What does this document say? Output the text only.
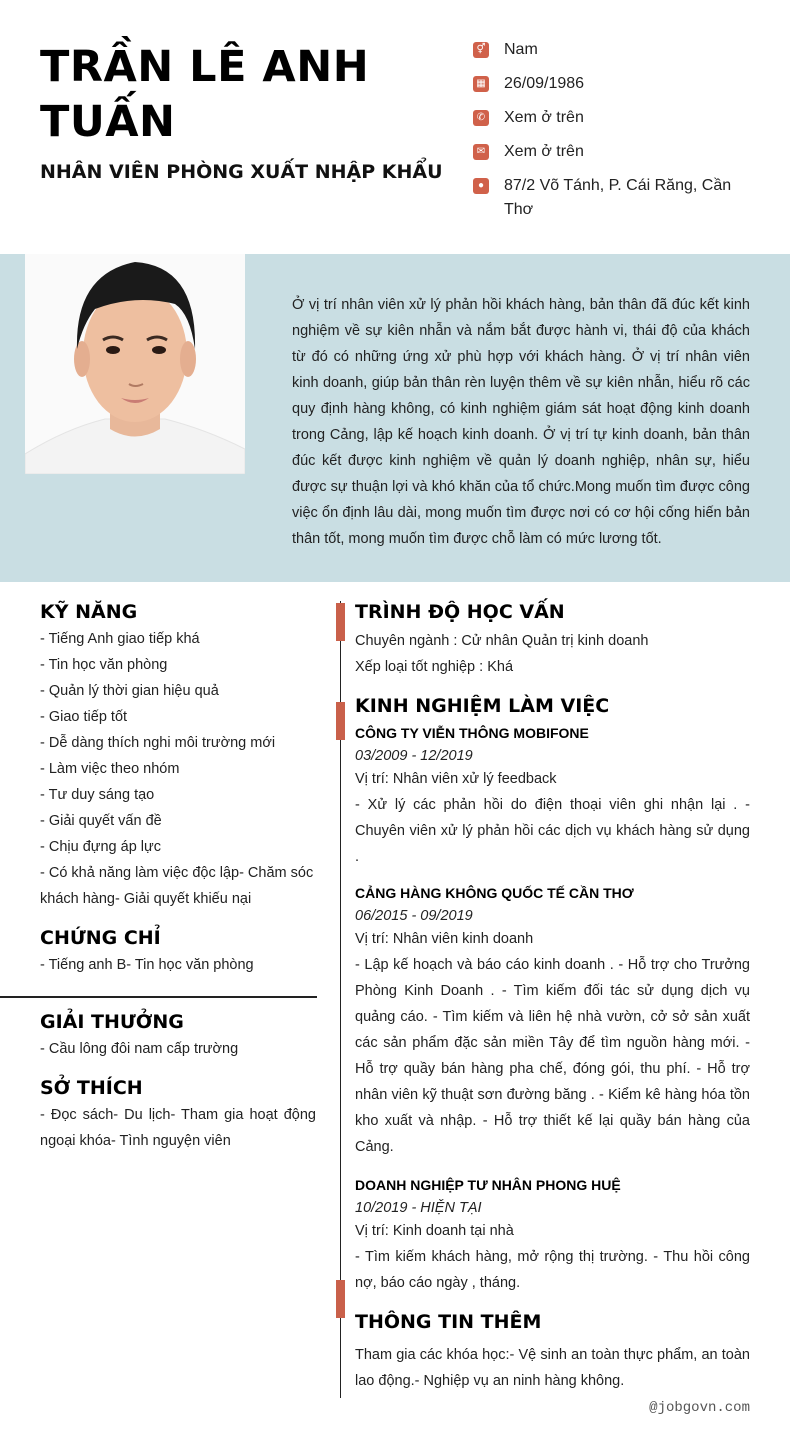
TRẦN LÊ ANH TUẤN
NHÂN VIÊN PHÒNG XUẤT NHẬP KHẨU
⚥ Nam
▦ 26/09/1986
✆ Xem ở trên
✉ Xem ở trên
●	87/2 Võ Tánh, P. Cái Răng, Cần Thơ
Ở vị trí nhân viên xử lý phản hồi khách hàng, bản thân đã đúc kết kinh nghiệm về sự kiên nhẫn và nắm bắt được hành vi, thái độ của khách từ đó có những ứng xử phù hợp với khách hàng. Ở vị trí nhân viên kinh doanh, giúp bản thân rèn luyện thêm về sự kiên nhẫn, hiểu rõ các quy định hàng không, có kinh nghiệm giám sát hoạt động kinh doanh trong Cảng, lập kế hoạch kinh doanh. Ở vị trí tự kinh doanh, bản thân đúc kết được kinh nghiệm về quản lý doanh nghiệp, nhân sự, hiểu được sự thuận lợi và khó khăn của tổ chức.Mong muốn tìm được công việc ổn định lâu dài, mong muốn tìm được nơi có cơ hội cống hiến bản thân tốt, mong muốn tìm được chỗ làm có mức lương tốt.
KỸ NĂNG
- Tiếng Anh giao tiếp khá
- Tin học văn phòng
- Quản lý thời gian hiệu quả
- Giao tiếp tốt
- Dễ dàng thích nghi môi trường mới
- Làm việc theo nhóm
- Tư duy sáng tạo
- Giải quyết vấn đề
- Chịu đựng áp lực
- Có khả năng làm việc độc lập- Chăm sóc khách hàng- Giải quyết khiếu nại
CHỨNG CHỈ
- Tiếng anh B- Tin học văn phòng
GIẢI THƯỞNG
- Cầu lông đôi nam cấp trường
SỞ THÍCH
- Đọc sách- Du lịch- Tham gia hoạt động ngoại khóa- Tình nguyện viên
TRÌNH ĐỘ HỌC VẤN
Chuyên ngành : Cử nhân Quản trị kinh doanh
Xếp loại tốt nghiệp : Khá
KINH NGHIỆM LÀM VIỆC
CÔNG TY VIỄN THÔNG MOBIFONE
03/2009 - 12/2019
Vị trí: Nhân viên xử lý feedback
- Xử lý các phản hồi do điện thoại viên ghi nhận lại . - Chuyên viên xử lý phản hồi các dịch vụ khách hàng sử dụng .
CẢNG HÀNG KHÔNG QUỐC TẾ CẦN THƠ
06/2015 - 09/2019
Vị trí: Nhân viên kinh doanh
- Lập kế hoạch và báo cáo kinh doanh . - Hỗ trợ cho Trưởng Phòng Kinh Doanh . - Tìm kiếm đối tác sử dụng dịch vụ quảng cáo. - Tìm kiếm và liên hệ nhà vườn, cở sở sản xuất các sản phẩm đặc sản miền Tây để tìm nguồn hàng mới. - Hỗ trợ quầy bán hàng pha chế, đóng gói, thu phí. - Hỗ trợ nhân viên kỹ thuật sơn đường băng . - Kiểm kê hàng hóa tồn kho xuất và nhập. - Hỗ trợ thiết kế lại quầy bán hàng của Cảng.
DOANH NGHIỆP TƯ NHÂN PHONG HUỆ
10/2019 - HIỆN TẠI
Vị trí: Kinh doanh tại nhà
- Tìm kiếm khách hàng, mở rộng thị trường. - Thu hồi công nợ, báo cáo ngày , tháng.
THÔNG TIN THÊM
Tham gia các khóa học:- Vệ sinh an toàn thực phẩm, an toàn lao động.- Nghiệp vụ an ninh hàng không.
@jobgovn.com
